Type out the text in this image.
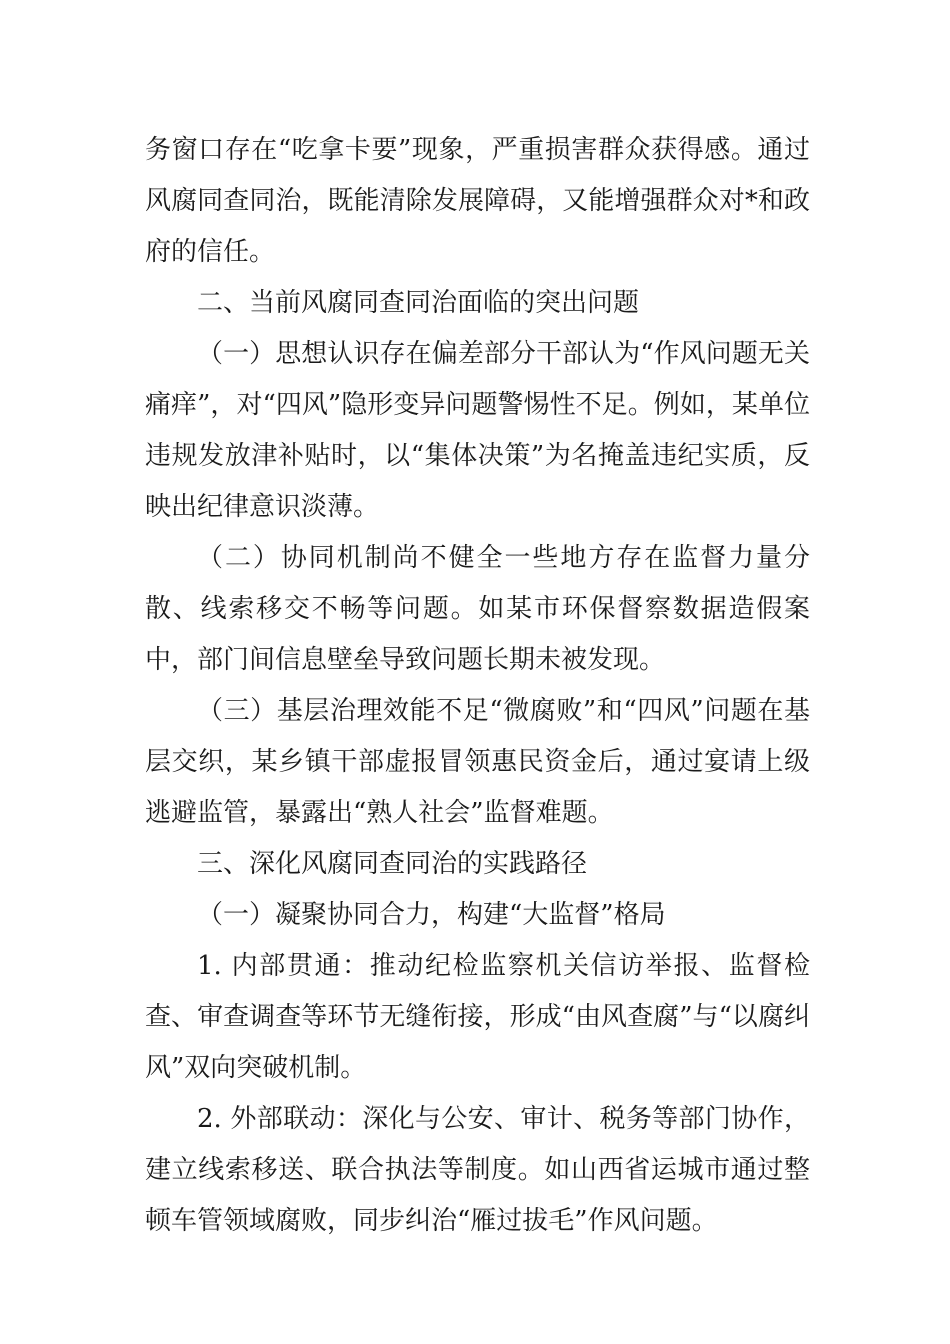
务窗口存在“吃拿卡要”现象，严重损害群众获得感。通过风腐同查同治，既能清除发展障碍，又能增强群众对*和政府的信任。

二、当前风腐同查同治面临的突出问题

（一）思想认识存在偏差部分干部认为“作风问题无关痛痒”，对“四风”隐形变异问题警惕性不足。例如，某单位违规发放津补贴时，以“集体决策”为名掩盖违纪实质，反映出纪律意识淡薄。

（二）协同机制尚不健全一些地方存在监督力量分散、线索移交不畅等问题。如某市环保督察数据造假案中，部门间信息壁垒导致问题长期未被发现。

（三）基层治理效能不足“微腐败”和“四风”问题在基层交织，某乡镇干部虚报冒领惠民资金后，通过宴请上级逃避监管，暴露出“熟人社会”监督难题。

三、深化风腐同查同治的实践路径

（一）凝聚协同合力，构建“大监督”格局

1. 内部贯通：推动纪检监察机关信访举报、监督检查、审查调查等环节无缝衔接，形成“由风查腐”与“以腐纠风”双向突破机制。

2. 外部联动：深化与公安、审计、税务等部门协作，建立线索移送、联合执法等制度。如山西省运城市通过整顿车管领域腐败，同步纠治“雁过拔毛”作风问题。
